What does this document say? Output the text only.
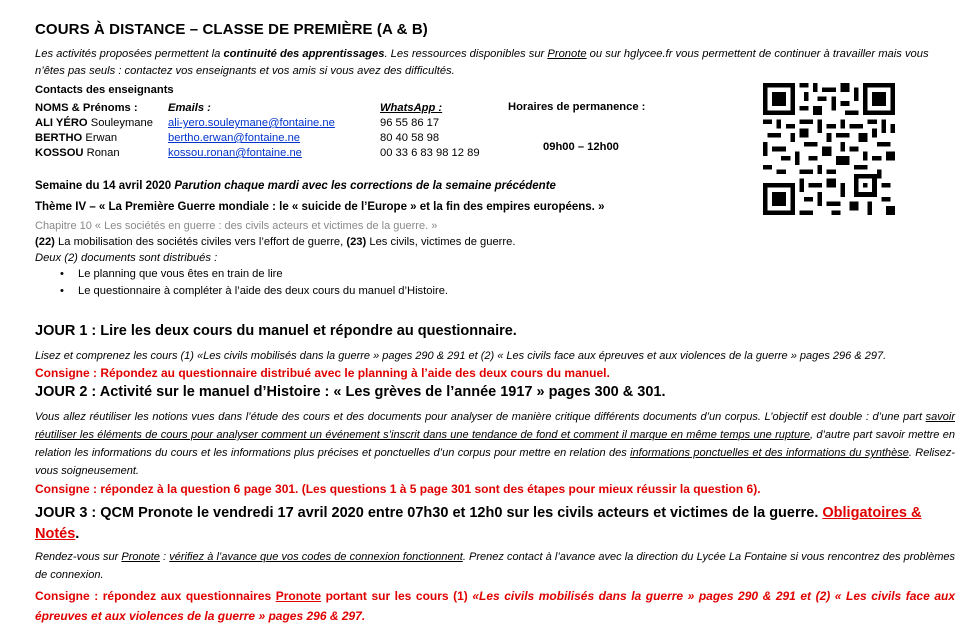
COURS À DISTANCE – CLASSE DE PREMIÈRE (A & B)
Les activités proposées permettent la continuité des apprentissages. Les ressources disponibles sur Pronote ou sur hglycee.fr vous permettent de continuer à travailler mais vous n’êtes pas seuls : contactez vos enseignants et vos amis si vous avez des difficultés.
Contacts des enseignants
NOMS & Prénoms :
ALI YÉRO Souleymane
BERTHO Erwan
KOSSOU Ronan
Emails :
ali-yero.souleymane@fontaine.ne
bertho.erwan@fontaine.ne
kossou.ronan@fontaine.ne
WhatsApp :
96 55 86 17
80 40 58 98
00 33 6 83 98 12 89
Horaires de permanence :
09h00 – 12h00
Semaine du 14 avril 2020 Parution chaque mardi avec les corrections de la semaine précédente
Thème IV – « La Première Guerre mondiale : le « suicide de l’Europe » et la fin des empires européens. »
Chapitre 10 « Les sociétés en guerre : des civils acteurs et victimes de la guerre. »
(22) La mobilisation des sociétés civiles vers l’effort de guerre, (23) Les civils, victimes de guerre.
Deux (2) documents sont distribués :
• Le planning que vous êtes en train de lire
• Le questionnaire à compléter à l’aide des deux cours du manuel d’Histoire.
JOUR 1 : Lire les deux cours du manuel et répondre au questionnaire.
Lisez et comprenez les cours (1) «Les civils mobilisés dans la guerre » pages 290 & 291 et (2) « Les civils face aux épreuves et aux violences de la guerre » pages 296 & 297.
Consigne : Répondez au questionnaire distribué avec le planning à l’aide des deux cours du manuel.
JOUR 2 : Activité sur le manuel d’Histoire : « Les grèves de l’année 1917 » pages 300 & 301.
Vous allez réutiliser les notions vues dans l’étude des cours et des documents pour analyser de manière critique différents documents d’un corpus. L’objectif est double : d’une part savoir réutiliser les éléments de cours pour analyser comment un événement s’inscrit dans une tendance de fond et comment il marque en même temps une rupture, d’autre part savoir mettre en relation les informations du cours et les informations plus précises et ponctuelles d’un corpus pour mettre en relation des informations ponctuelles et des informations du synthèse. Relisez-vous soigneusement.
Consigne : répondez à la question 6 page 301. (Les questions 1 à 5 page 301 sont des étapes pour mieux réussir la question 6).
JOUR 3 : QCM Pronote le vendredi 17 avril 2020 entre 07h30 et 12h0 sur les civils acteurs et victimes de la guerre. Obligatoires & Notés.
Rendez-vous sur Pronote : vérifiez à l’avance que vos codes de connexion fonctionnent. Prenez contact à l’avance avec la direction du Lycée La Fontaine si vous rencontrez des problèmes de connexion.
Consigne : répondez aux questionnaires Pronote portant sur les cours (1) «Les civils mobilisés dans la guerre » pages 290 & 291 et (2) « Les civils face aux épreuves et aux violences de la guerre » pages 296 & 297.
